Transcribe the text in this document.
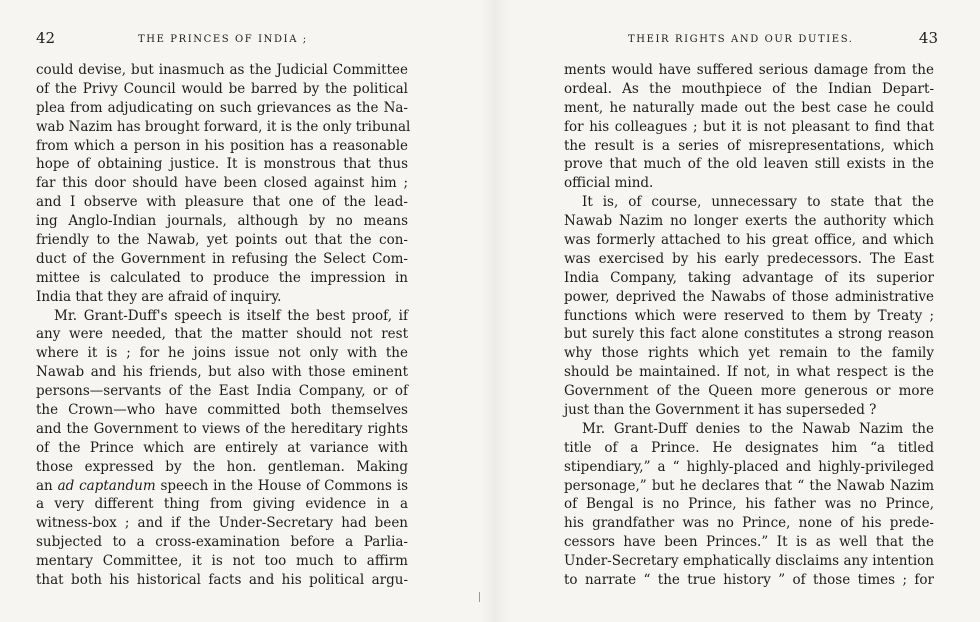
42	THE PRINCES OF INDIA ;
could devise, but inasmuch as the Judicial Committee
of the Privy Council would be barred by the political
plea from adjudicating on such grievances as the Na-
wab Nazim has brought forward, it is the only tribunal
from which a person in his position has a reasonable
hope of obtaining justice. It is monstrous that thus
far this door should have been closed against him ;
and I observe with pleasure that one of the lead-
ing Anglo-Indian journals, although by no means
friendly to the Nawab, yet points out that the con-
duct of the Government in refusing the Select Com-
mittee is calculated to produce the impression in
India that they are afraid of inquiry.
Mr. Grant-Duff's speech is itself the best proof, if
any were needed, that the matter should not rest
where it is ; for he joins issue not only with the
Nawab and his friends, but also with those eminent
persons—servants of the East India Company, or of
the Crown—who have committed both themselves
and the Government to views of the hereditary rights
of the Prince which are entirely at variance with
those expressed by the hon. gentleman. Making
an ad captandum speech in the House of Commons is
a very different thing from giving evidence in a
witness-box ; and if the Under-Secretary had been
subjected to a cross-examination before a Parlia-
mentary Committee, it is not too much to affirm
that both his historical facts and his political argu-
THEIR RIGHTS AND OUR DUTIES.	43
ments would have suffered serious damage from the
ordeal. As the mouthpiece of the Indian Depart-
ment, he naturally made out the best case he could
for his colleagues ; but it is not pleasant to find that
the result is a series of misrepresentations, which
prove that much of the old leaven still exists in the
official mind.
It is, of course, unnecessary to state that the
Nawab Nazim no longer exerts the authority which
was formerly attached to his great office, and which
was exercised by his early predecessors. The East
India Company, taking advantage of its superior
power, deprived the Nawabs of those administrative
functions which were reserved to them by Treaty ;
but surely this fact alone constitutes a strong reason
why those rights which yet remain to the family
should be maintained. If not, in what respect is the
Government of the Queen more generous or more
just than the Government it has superseded ?
Mr. Grant-Duff denies to the Nawab Nazim the
title of a Prince. He designates him “a titled
stipendiary,” a “ highly-placed and highly-privileged
personage,” but he declares that “ the Nawab Nazim
of Bengal is no Prince, his father was no Prince,
his grandfather was no Prince, none of his prede-
cessors have been Princes.” It is as well that the
Under-Secretary emphatically disclaims any intention
to narrate “ the true history ” of those times ; for
